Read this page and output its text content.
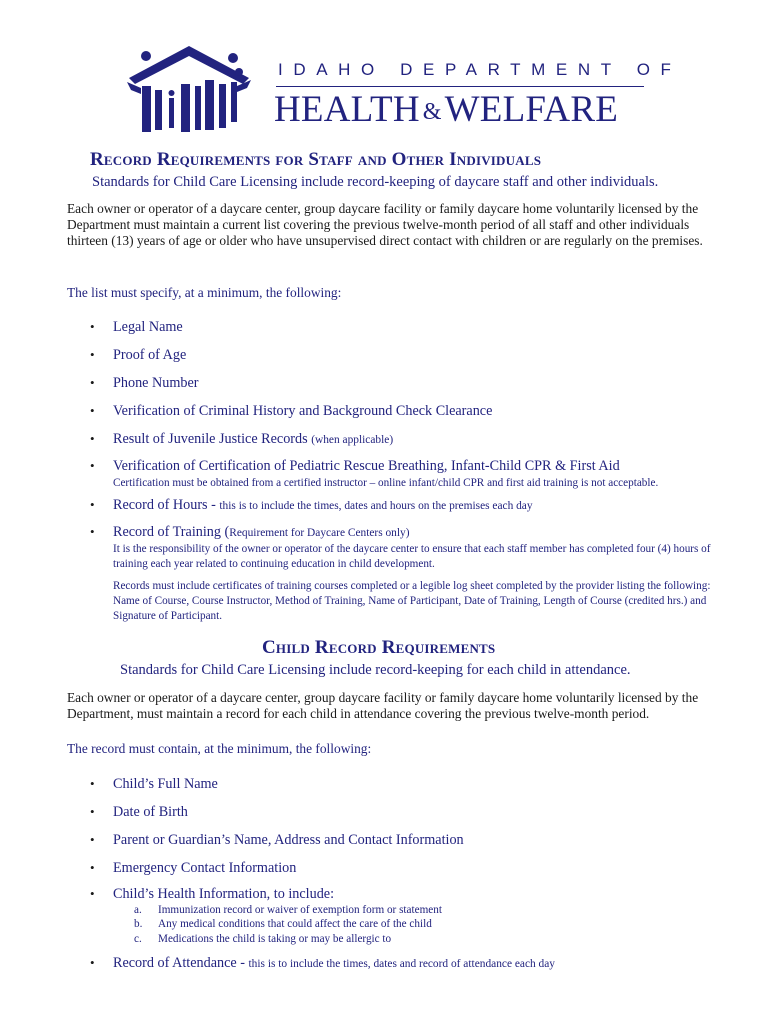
IDAHO DEPARTMENT OF
HEALTH &WELFARE
Record Requirements for Staff and Other Individuals
Standards for Child Care Licensing include record-keeping of daycare staff and other individuals.
Each owner or operator of a daycare center, group daycare facility or family daycare home voluntarily licensed by the Department must maintain a current list covering the previous twelve-month period of all staff and other individuals thirteen (13) years of age or older who have unsupervised direct contact with children or are regularly on the premises.
The list must specify, at a minimum, the following:
• Legal Name
• Proof of Age
• Phone Number
• Verification of Criminal History and Background Check Clearance
• Result of Juvenile Justice Records (when applicable)
• Verification of Certification of Pediatric Rescue Breathing, Infant-Child CPR & First Aid
Certification must be obtained from a certified instructor – online infant/child CPR and first aid training is not acceptable.
• Record of Hours - this is to include the times, dates and hours on the premises each day
• Record of Training (Requirement for Daycare Centers only)
It is the responsibility of the owner or operator of the daycare center to ensure that each staff member has completed four (4) hours of training each year related to continuing education in child development.
Records must include certificates of training courses completed or a legible log sheet completed by the provider listing the following: Name of Course, Course Instructor, Method of Training, Name of Participant, Date of Training, Length of Course (credited hrs.) and Signature of Participant.
Child Record Requirements
Standards for Child Care Licensing include record-keeping for each child in attendance.
Each owner or operator of a daycare center, group daycare facility or family daycare home voluntarily licensed by the Department, must maintain a record for each child in attendance covering the previous twelve-month period.
The record must contain, at the minimum, the following:
• Child’s Full Name
• Date of Birth
• Parent or Guardian’s Name, Address and Contact Information
• Emergency Contact Information
• Child’s Health Information, to include:
a. Immunization record or waiver of exemption form or statement
b. Any medical conditions that could affect the care of the child
c. Medications the child is taking or may be allergic to
• Record of Attendance - this is to include the times, dates and record of attendance each day
